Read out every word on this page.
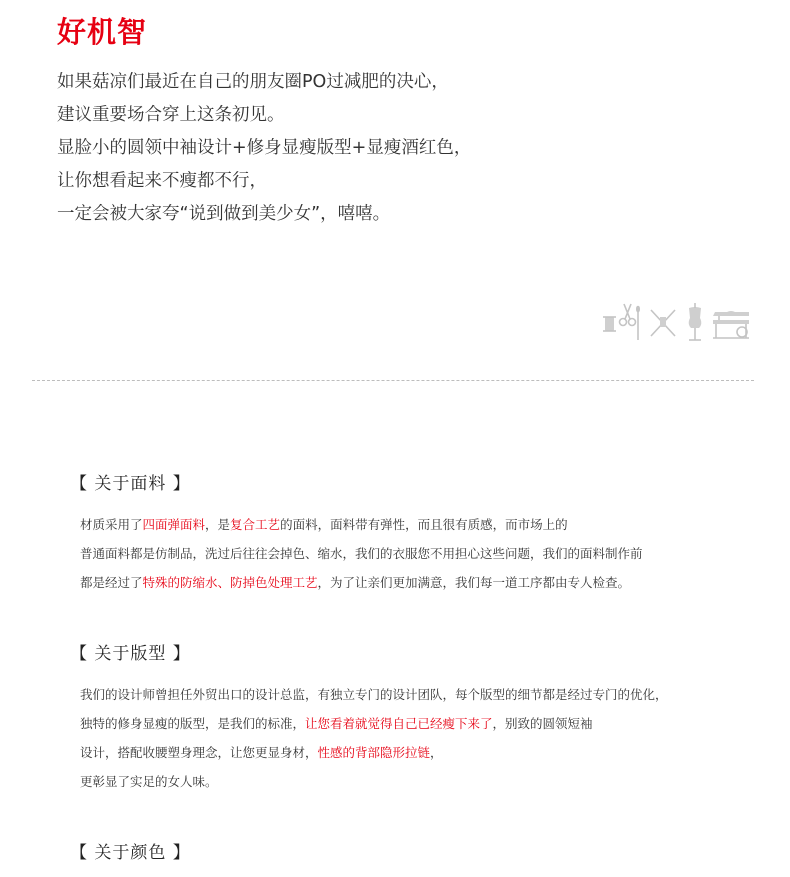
好机智
如果菇凉们最近在自己的朋友圈PO过减肥的决心，
建议重要场合穿上这条初见。
显脸小的圆领中袖设计+修身显瘦版型+显瘦酒红色，
让你想看起来不瘦都不行，
一定会被大家夸“说到做到美少女”，嘻嘻。
【 关于面料 】
材质采用了四面弹面料，是复合工艺的面料，面料带有弹性，而且很有质感，而市场上的
普通面料都是仿制品，洗过后往往会掉色、缩水，我们的衣服您不用担心这些问题，我们的面料制作前
都是经过了特殊的防缩水、防掉色处理工艺，为了让亲们更加满意，我们每一道工序都由专人检查。
【 关于版型 】
我们的设计师曾担任外贸出口的设计总监，有独立专门的设计团队，每个版型的细节都是经过专门的优化，
独特的修身显瘦的版型，是我们的标准，让您看着就觉得自己已经瘦下来了，别致的圆领短袖
设计，搭配收腰塑身理念，让您更显身材，性感的背部隐形拉链，
更彰显了实足的女人味。
【 关于颜色 】
